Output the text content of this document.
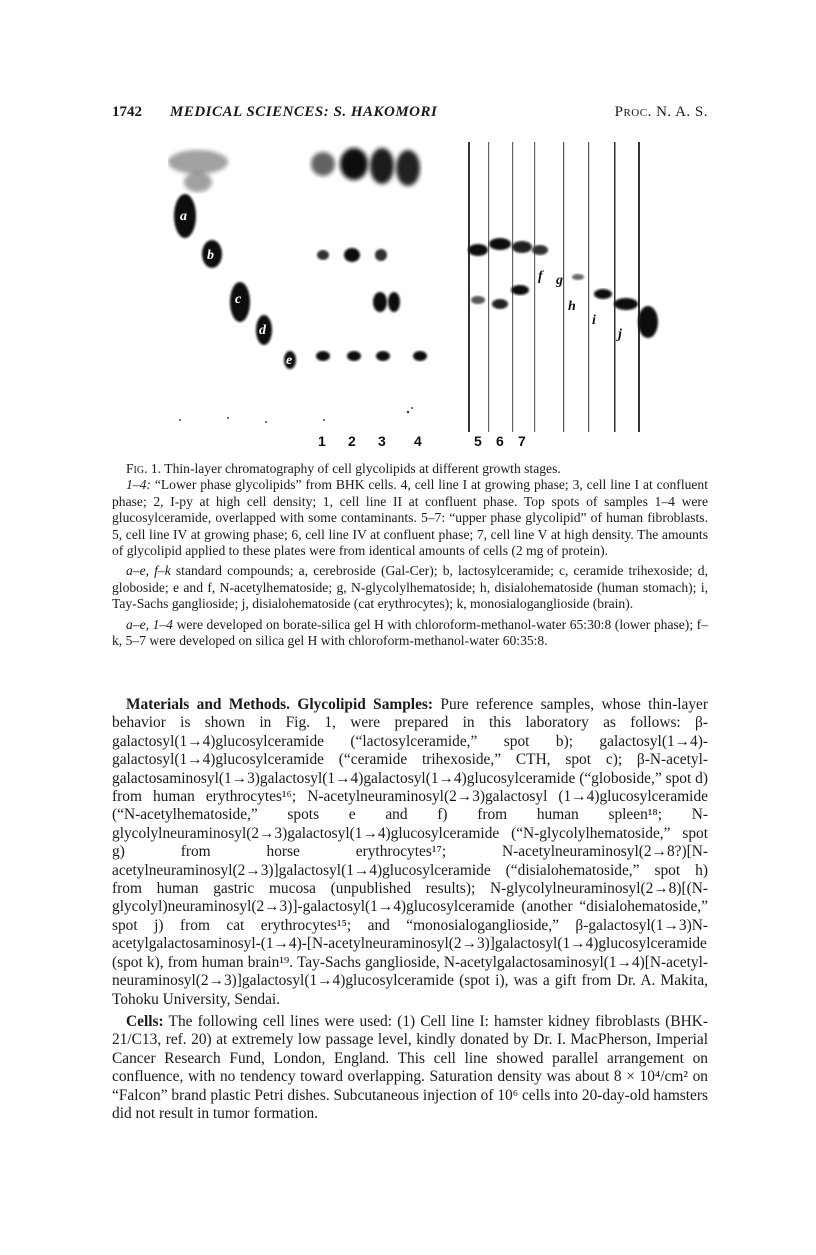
1742 MEDICAL SCIENCES: S. HAKOMORI	Proc. N. A. S.
a
b
c
d
e
f g
h
i
j
k
1 2 3 4	5 6 7

Fig. 1. Thin-layer chromatography of cell glycolipids at different growth stages.

1–4: “Lower phase glycolipids” from BHK cells. 4, cell line I at growing phase; 3, cell line I at confluent phase; 2, I-py at high cell density; 1, cell line II at confluent phase. Top spots of samples 1–4 were glucosylceramide, overlapped with some contaminants. 5–7: “upper phase glycolipid” of human fibroblasts. 5, cell line IV at growing phase; 6, cell line IV at confluent phase; 7, cell line V at high density. The amounts of glycolipid applied to these plates were from identical amounts of cells (2 mg of protein).

a–e, f–k standard compounds; a, cerebroside (Gal-Cer); b, lactosylceramide; c, ceramide trihexoside; d, globoside; e and f, N-acetylhematoside; g, N-glycolylhematoside; h, disialohematoside (human stomach); i, Tay-Sachs ganglioside; j, disialohematoside (cat erythrocytes); k, monosialoganglioside (brain).

a–e, 1–4 were developed on borate-silica gel H with chloroform-methanol-water 65:30:8 (lower phase); f–k, 5–7 were developed on silica gel H with chloroform-methanol-water 60:35:8.

Materials and Methods. Glycolipid Samples: Pure reference samples, whose thin-layer behavior is shown in Fig. 1, were prepared in this laboratory as follows: β-galactosyl(1→4)glucosylceramide (“lactosylceramide,” spot b); galactosyl(1→4)-galactosyl(1→4)glucosylceramide (“ceramide trihexoside,” CTH, spot c); β-N-acetyl-galactosaminosyl(1→3)galactosyl(1→4)galactosyl(1→4)glucosylceramide (“globoside,” spot d) from human erythrocytes¹⁶; N-acetylneuraminosyl(2→3)galactosyl (1→4)glucosylceramide (“N-acetylhematoside,” spots e and f) from human spleen¹⁸; N-glycolylneuraminosyl(2→3)galactosyl(1→4)glucosylceramide (“N-glycolylhematoside,” spot g) from horse erythrocytes¹⁷; N-acetylneuraminosyl(2→8?)[N-acetylneuraminosyl(2→3)]galactosyl(1→4)glucosylceramide (“disialohematoside,” spot h) from human gastric mucosa (unpublished results); N-glycolylneuraminosyl(2→8)[(N-glycolyl)neuraminosyl(2→3)]-galactosyl(1→4)glucosylceramide (another “disialohematoside,” spot j) from cat erythrocytes¹⁵; and “monosialoganglioside,” β-galactosyl(1→3)N-acetylgalactosaminosyl-(1→4)-[N-acetylneuraminosyl(2→3)]galactosyl(1→4)glucosylceramide (spot k), from human brain¹⁹. Tay-Sachs ganglioside, N-acetylgalactosaminosyl(1→4)[N-acetyl-neuraminosyl(2→3)]galactosyl(1→4)glucosylceramide (spot i), was a gift from Dr. A. Makita, Tohoku University, Sendai.

Cells: The following cell lines were used: (1) Cell line I: hamster kidney fibroblasts (BHK-21/C13, ref. 20) at extremely low passage level, kindly donated by Dr. I. MacPherson, Imperial Cancer Research Fund, London, England. This cell line showed parallel arrangement on confluence, with no tendency toward overlapping. Saturation density was about 8 × 10⁴/cm² on “Falcon” brand plastic Petri dishes. Subcutaneous injection of 10⁶ cells into 20-day-old hamsters did not result in tumor formation.
